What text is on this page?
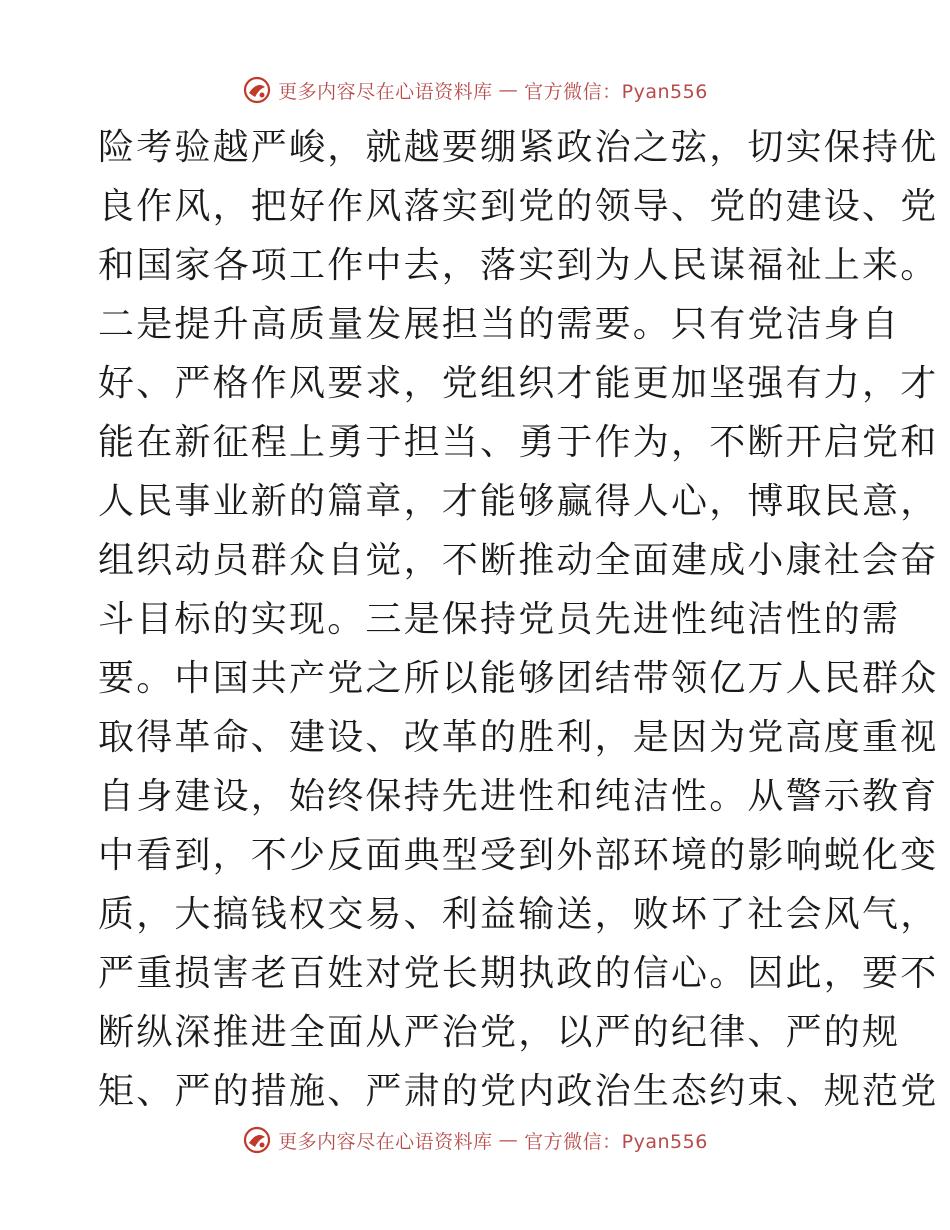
更多内容尽在心语资料库 — 官方微信：Pyan556
险考验越严峻，就越要绷紧政治之弦，切实保持优
良作风，把好作风落实到党的领导、党的建设、党
和国家各项工作中去，落实到为人民谋福祉上来。
二是提升高质量发展担当的需要。只有党洁身自
好、严格作风要求，党组织才能更加坚强有力，才
能在新征程上勇于担当、勇于作为，不断开启党和
人民事业新的篇章，才能够赢得人心，博取民意，
组织动员群众自觉，不断推动全面建成小康社会奋
斗目标的实现。三是保持党员先进性纯洁性的需
要。中国共产党之所以能够团结带领亿万人民群众
取得革命、建设、改革的胜利，是因为党高度重视
自身建设，始终保持先进性和纯洁性。从警示教育
中看到，不少反面典型受到外部环境的影响蜕化变
质，大搞钱权交易、利益输送，败坏了社会风气，
严重损害老百姓对党长期执政的信心。因此，要不
断纵深推进全面从严治党，以严的纪律、严的规
矩、严的措施、严肃的党内政治生态约束、规范党
更多内容尽在心语资料库 — 官方微信：Pyan556
